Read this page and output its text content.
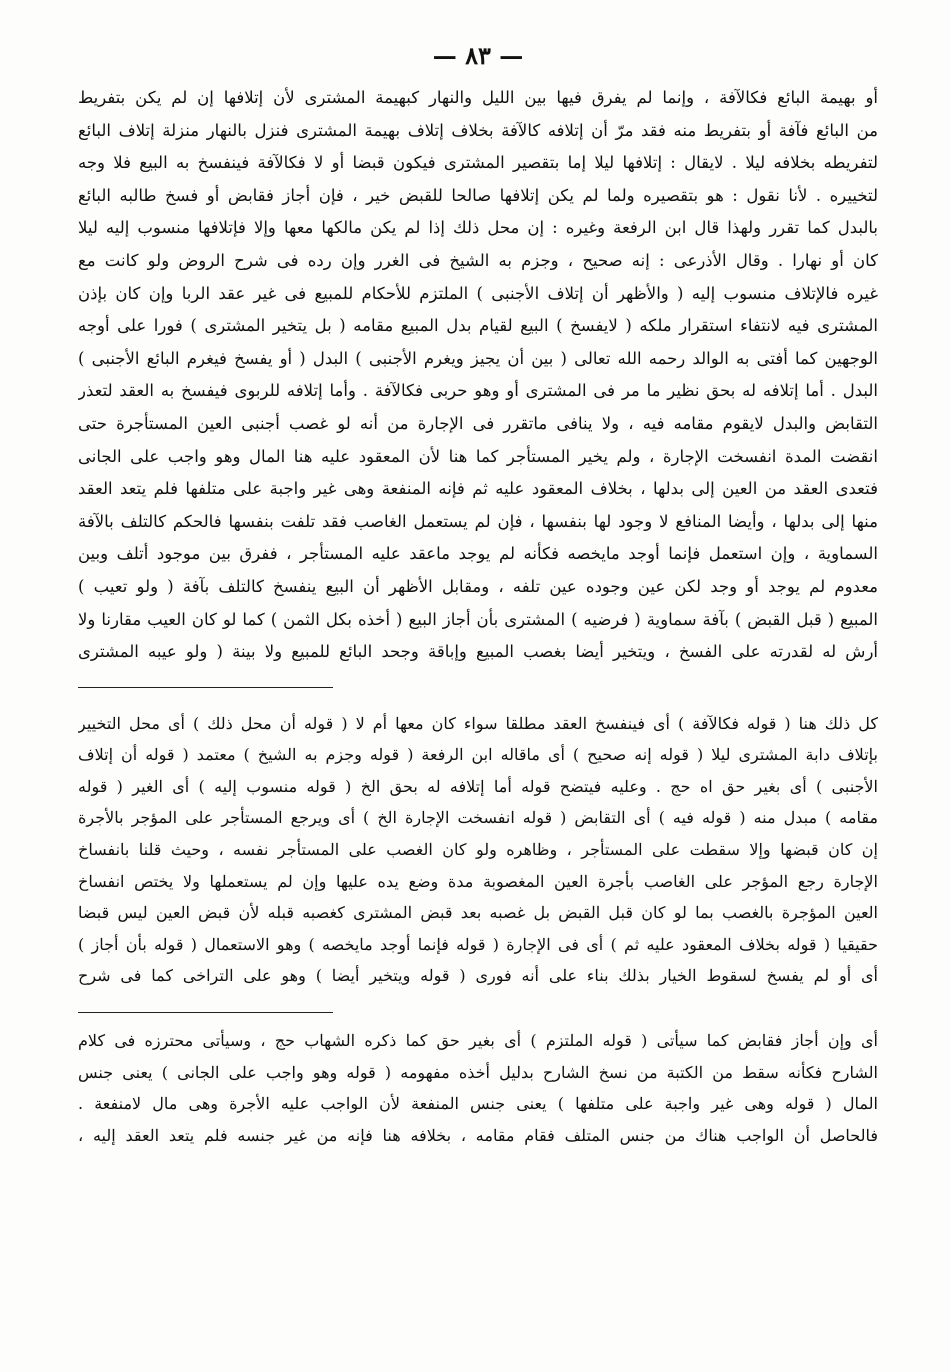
— ٨٣ —
أو بهيمة البائع فكالآفة ، وإنما لم يفرق فيها بين الليل والنهار كبهيمة المشترى لأن إتلافها إن لم يكن بتفريط
من البائع فآفة أو بتفريط منه فقد مرّ أن إتلافه كالآفة بخلاف إتلاف بهيمة المشترى فنزل بالنهار منزلة إتلاف البائع
لتفريطه بخلافه ليلا . لايقال : إتلافها ليلا إما بتقصير المشترى فيكون قبضا أو لا فكالآفة فينفسخ به البيع فلا وجه
لتخييره . لأنا نقول : هو بتقصيره ولما لم يكن إتلافها صالحا للقبض خير ، فإن أجاز فقابض أو فسخ طالبه البائع
بالبدل كما تقرر ولهذا قال ابن الرفعة وغيره : إن محل ذلك إذا لم يكن مالكها معها وإلا فإتلافها منسوب إليه ليلا
كان أو نهارا . وقال الأذرعى : إنه صحيح ، وجزم به الشيخ فى الغرر وإن رده فى شرح الروض ولو كانت مع
غيره فالإتلاف منسوب إليه ( والأظهر أن إتلاف الأجنبى ) الملتزم للأحكام للمبيع فى غير عقد الربا وإن كان بإذن
المشترى فيه لانتفاء استقرار ملكه ( لايفسخ ) البيع لقيام بدل المبيع مقامه ( بل يتخير المشترى ) فورا على أوجه
الوجهين كما أفتى به الوالد رحمه الله تعالى ( بين أن يجيز ويغرم الأجنبى ) البدل ( أو يفسخ فيغرم البائع الأجنبى )
البدل . أما إتلافه له بحق نظير ما مر فى المشترى أو وهو حربى فكالآفة . وأما إتلافه للربوى فيفسخ به العقد لتعذر
التقابض والبدل لايقوم مقامه فيه ، ولا ينافى ماتقرر فى الإجارة من أنه لو غصب أجنبى العين المستأجرة حتى
انقضت المدة انفسخت الإجارة ، ولم يخير المستأجر كما هنا لأن المعقود عليه هنا المال وهو واجب على الجانى
فتعدى العقد من العين إلى بدلها ، بخلاف المعقود عليه ثم فإنه المنفعة وهى غير واجبة على متلفها فلم يتعد العقد
منها إلى بدلها ، وأيضا المنافع لا وجود لها بنفسها ، فإن لم يستعمل الغاصب فقد تلفت بنفسها فالحكم كالتلف بالآفة
السماوية ، وإن استعمل فإنما أوجد مايخصه فكأنه لم يوجد ماعقد عليه المستأجر ، ففرق بين موجود أتلف وبين
معدوم لم يوجد أو وجد لكن عين وجوده عين تلفه ، ومقابل الأظهر أن البيع ينفسخ كالتلف بآفة ( ولو تعيب )
المبيع ( قبل القبض ) بآفة سماوية ( فرضيه ) المشترى بأن أجاز البيع ( أخذه بكل الثمن ) كما لو كان العيب مقارنا ولا
أرش له لقدرته على الفسخ ، ويتخير أيضا بغصب المبيع وإباقة وجحد البائع للمبيع ولا بينة ( ولو عيبه المشترى
كل ذلك هنا ( قوله فكالآفة ) أى فينفسخ العقد مطلقا سواء كان معها أم لا ( قوله أن محل ذلك ) أى محل التخيير
بإتلاف دابة المشترى ليلا ( قوله إنه صحيح ) أى ماقاله ابن الرفعة ( قوله وجزم به الشيخ ) معتمد ( قوله أن إتلاف
الأجنبى ) أى بغير حق اه حج . وعليه فيتضح قوله أما إتلافه له بحق الخ ( قوله منسوب إليه ) أى الغير ( قوله
مقامه ) مبدل منه ( قوله فيه ) أى التقابض ( قوله انفسخت الإجارة الخ ) أى ويرجع المستأجر على المؤجر بالأجرة
إن كان قبضها وإلا سقطت على المستأجر ، وظاهره ولو كان الغصب على المستأجر نفسه ، وحيث قلنا بانفساخ
الإجارة رجع المؤجر على الغاصب بأجرة العين المغصوبة مدة وضع يده عليها وإن لم يستعملها ولا يختص انفساخ
العين المؤجرة بالغصب بما لو كان قبل القبض بل غصبه بعد قبض المشترى كغصبه قبله لأن قبض العين ليس قبضا
حقيقيا ( قوله بخلاف المعقود عليه ثم ) أى فى الإجارة ( قوله فإنما أوجد مايخصه ) وهو الاستعمال ( قوله بأن أجاز )
أى أو لم يفسخ لسقوط الخيار بذلك بناء على أنه فورى ( قوله ويتخير أيضا ) وهو على التراخى كما فى شرح
أى وإن أجاز فقابض كما سيأتى ( قوله الملتزم ) أى بغير حق كما ذكره الشهاب حج ، وسيأتى محترزه فى كلام
الشارح فكأنه سقط من الكتبة من نسخ الشارح بدليل أخذه مفهومه ( قوله وهو واجب على الجانى ) يعنى جنس
المال ( قوله وهى غير واجبة على متلفها ) يعنى جنس المنفعة لأن الواجب عليه الأجرة وهى مال لامنفعة .
فالحاصل أن الواجب هناك من جنس المتلف فقام مقامه ، بخلافه هنا فإنه من غير جنسه فلم يتعد العقد إليه ،
